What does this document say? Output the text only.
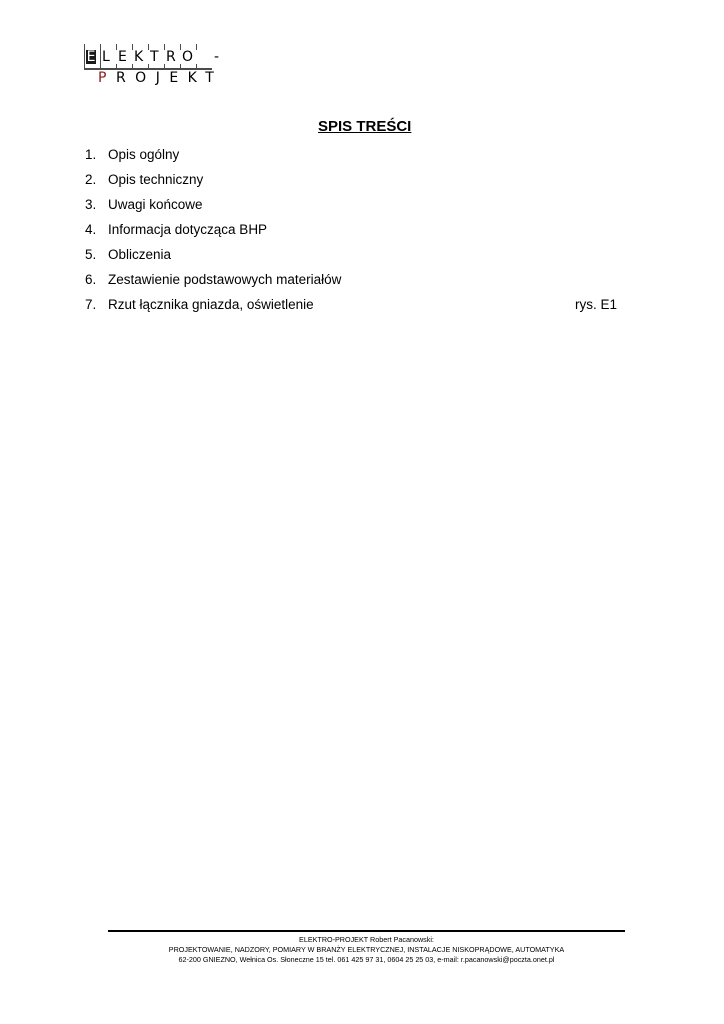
E L E K T R O	-
PROJEKT
SPIS TREŚCI
1. Opis ogólny
2. Opis techniczny
3. Uwagi końcowe
4. Informacja dotycząca BHP
5. Obliczenia
6. Zestawienie podstawowych materiałów
7. Rzut łącznika gniazda, oświetlenie	rys. E1
ELEKTRO-PROJEKT Robert Pacanowski:
PROJEKTOWANIE, NADZORY, POMIARY W BRANŻY ELEKTRYCZNEJ, INSTALACJE NISKOPRĄDOWE, AUTOMATYKA
62-200 GNIEZNO, Wełnica Os. Słoneczne 15 tel. 061 425 97 31, 0604 25 25 03, e-mail: r.pacanowski@poczta.onet.pl
